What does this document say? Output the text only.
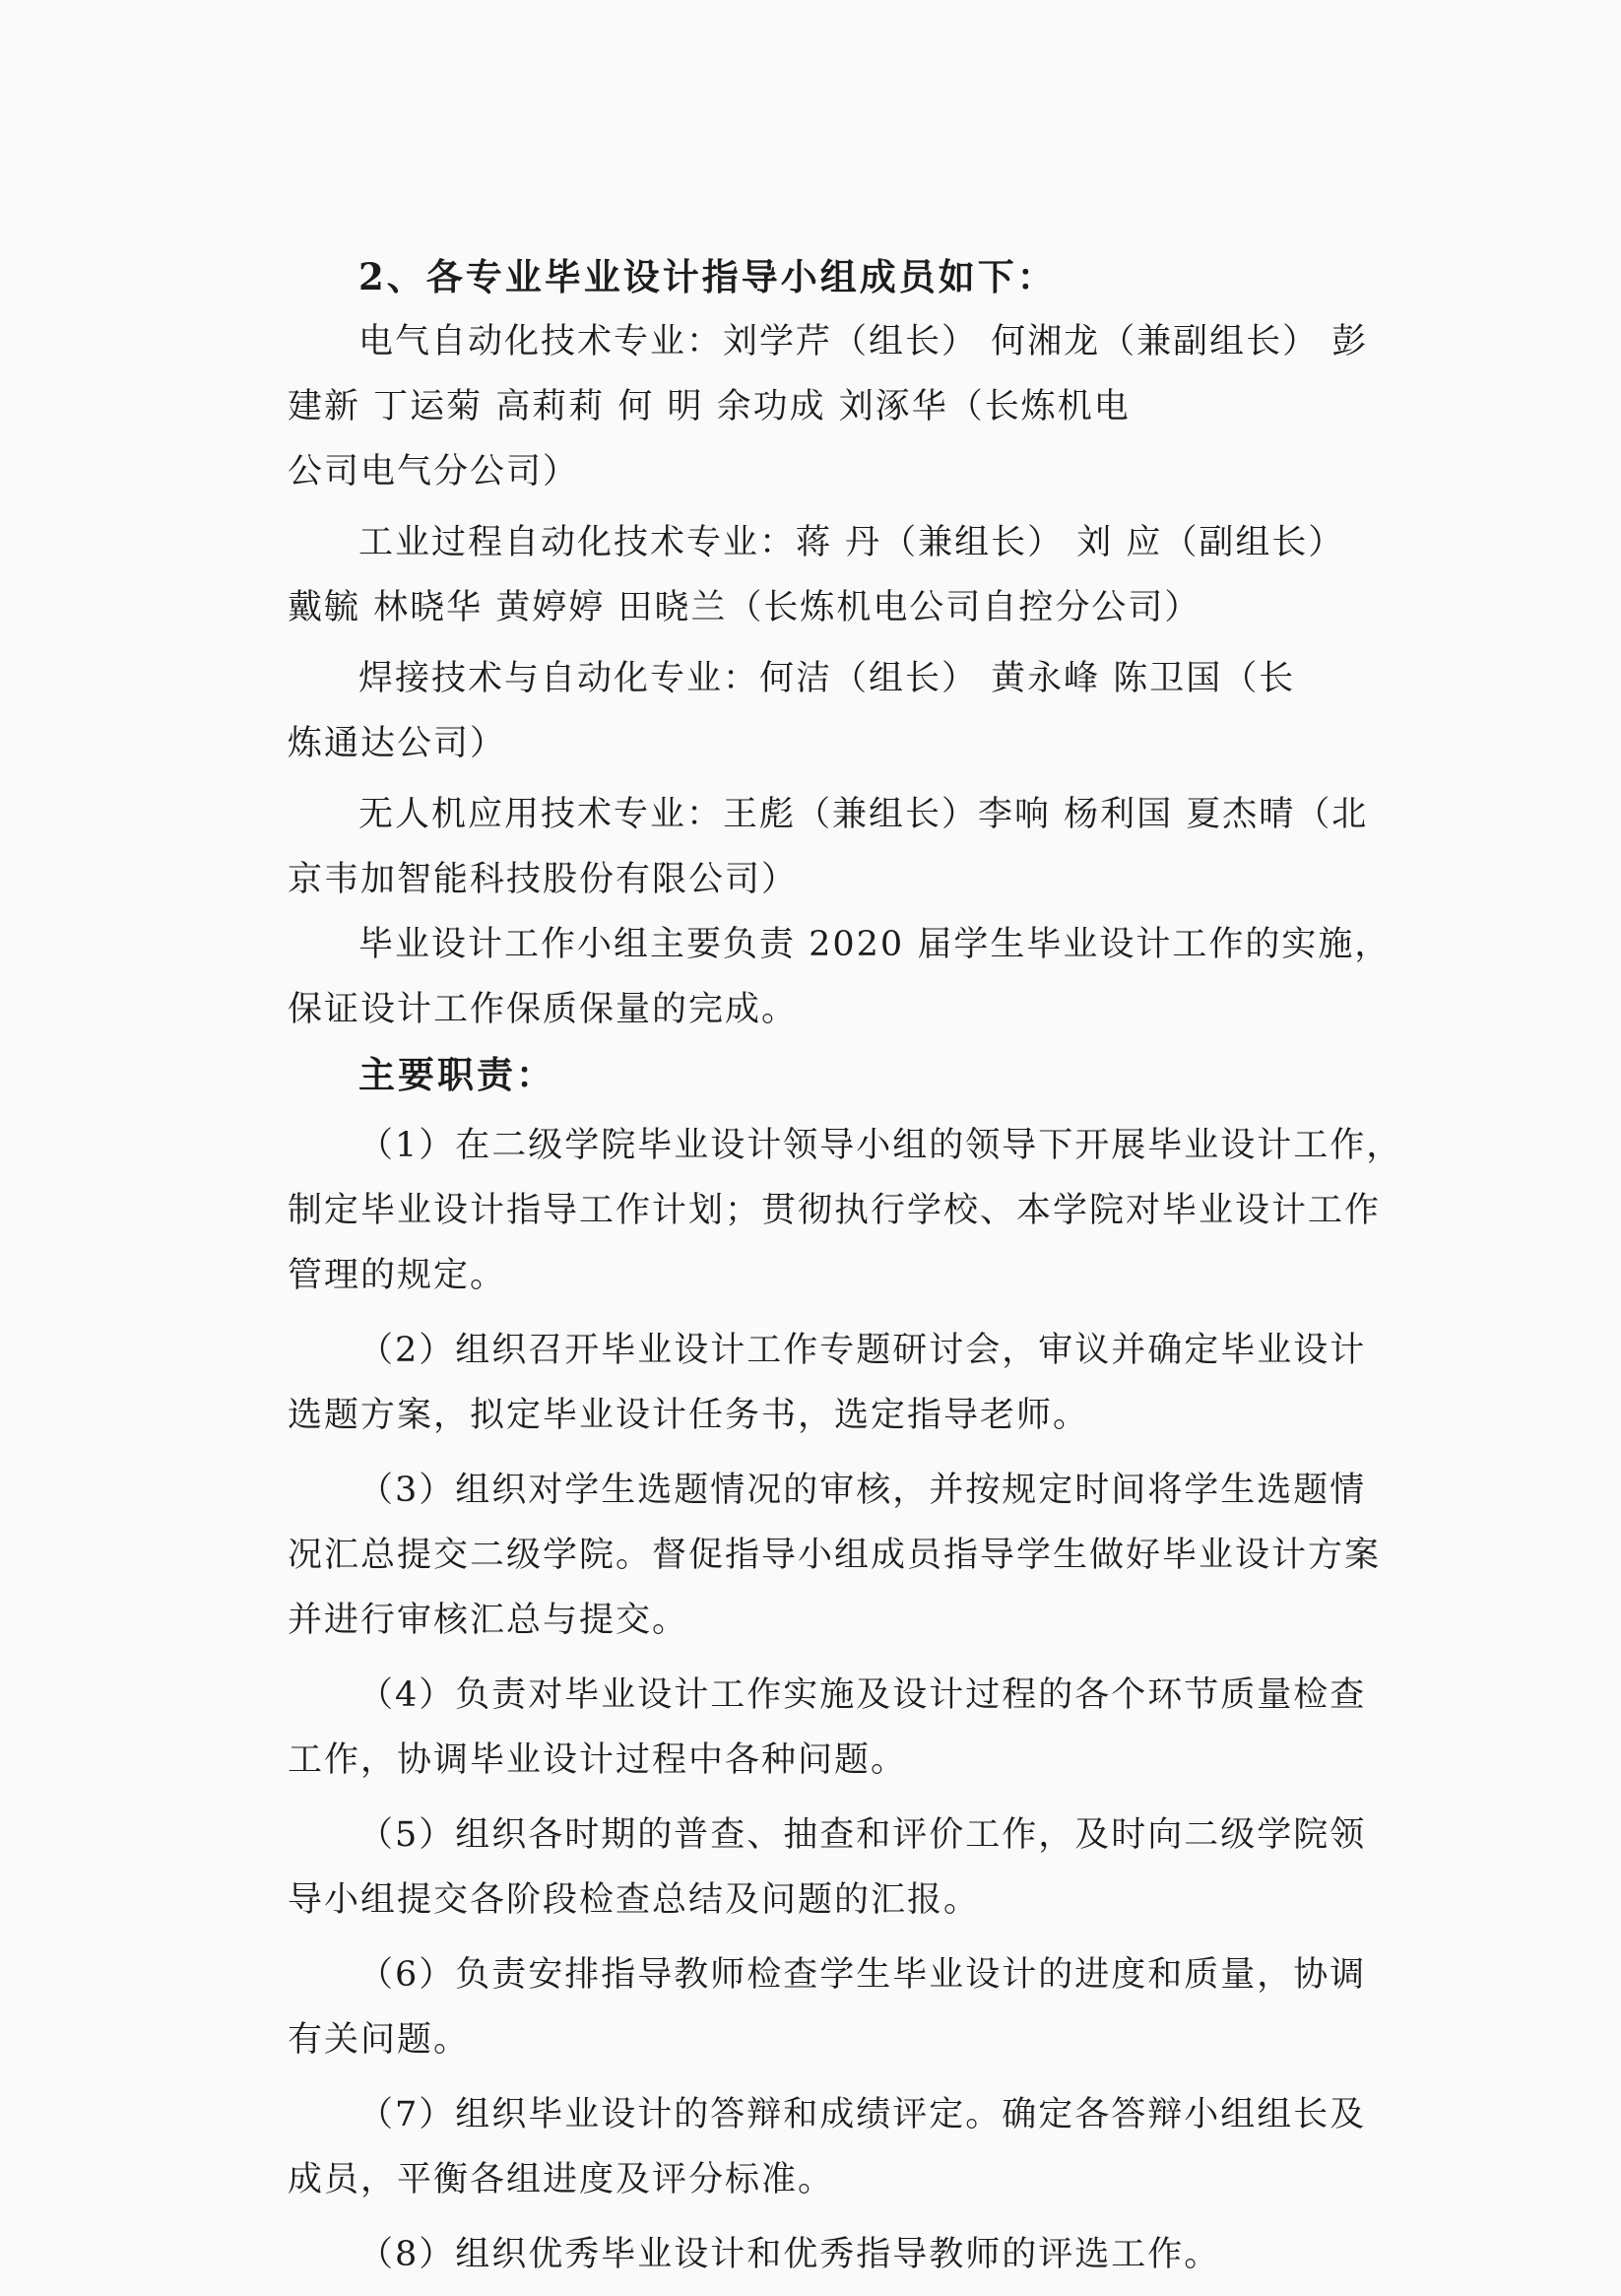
2、各专业毕业设计指导小组成员如下：

电气自动化技术专业：刘学芹（组长） 何湘龙（兼副组长） 彭

建新 丁运菊 高莉莉 何 明 余功成 刘涿华（长炼机电

公司电气分公司）

工业过程自动化技术专业：蒋 丹（兼组长） 刘 应（副组长）

戴毓 林晓华 黄婷婷 田晓兰（长炼机电公司自控分公司）

焊接技术与自动化专业：何洁（组长） 黄永峰 陈卫国（长

炼通达公司）

无人机应用技术专业：王彪（兼组长）李响 杨利国 夏杰晴（北

京韦加智能科技股份有限公司）

毕业设计工作小组主要负责 2020 届学生毕业设计工作的实施，

保证设计工作保质保量的完成。

主要职责：

（1）在二级学院毕业设计领导小组的领导下开展毕业设计工作，

制定毕业设计指导工作计划；贯彻执行学校、本学院对毕业设计工作

管理的规定。

（2）组织召开毕业设计工作专题研讨会，审议并确定毕业设计

选题方案，拟定毕业设计任务书，选定指导老师。

（3）组织对学生选题情况的审核，并按规定时间将学生选题情

况汇总提交二级学院。督促指导小组成员指导学生做好毕业设计方案

并进行审核汇总与提交。

（4）负责对毕业设计工作实施及设计过程的各个环节质量检查

工作，协调毕业设计过程中各种问题。

（5）组织各时期的普查、抽查和评价工作，及时向二级学院领

导小组提交各阶段检查总结及问题的汇报。

（6）负责安排指导教师检查学生毕业设计的进度和质量，协调

有关问题。

（7）组织毕业设计的答辩和成绩评定。确定各答辩小组组长及

成员，平衡各组进度及评分标准。

（8）组织优秀毕业设计和优秀指导教师的评选工作。
